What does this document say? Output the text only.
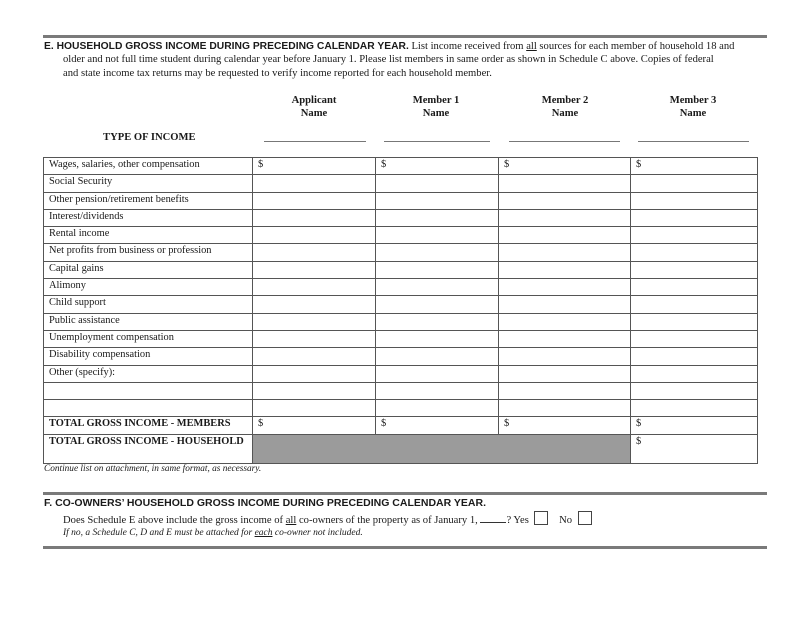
E. HOUSEHOLD GROSS INCOME DURING PRECEDING CALENDAR YEAR. List income received from all sources for each member of household 18 and
older and not full time student during calendar year before January 1. Please list members in same order as shown in Schedule C above. Copies of federal
and state income tax returns may be requested to verify income reported for each household member.
Applicant
Name
Member 1
Name
Member 2
Name
Member 3
Name
TYPE OF INCOME
Wages, salaries, other compensation	$	$	$	$
Social Security				
Other pension/retirement benefits				
Interest/dividends				
Rental income				
Net profits from business or profession				
Capital gains				
Alimony				
Child support				
Public assistance				
Unemployment compensation				
Disability compensation				
Other (specify):				

TOTAL GROSS INCOME - MEMBERS	$	$	$	$
TOTAL GROSS INCOME - HOUSEHOLD				$
Continue list on attachment, in same format, as necessary.
F. CO-OWNERS’ HOUSEHOLD GROSS INCOME DURING PRECEDING CALENDAR YEAR.
Does Schedule E above include the gross income of all co-owners of the property as of January 1, ? Yes	No
If no, a Schedule C, D and E must be attached for each co-owner not included.
